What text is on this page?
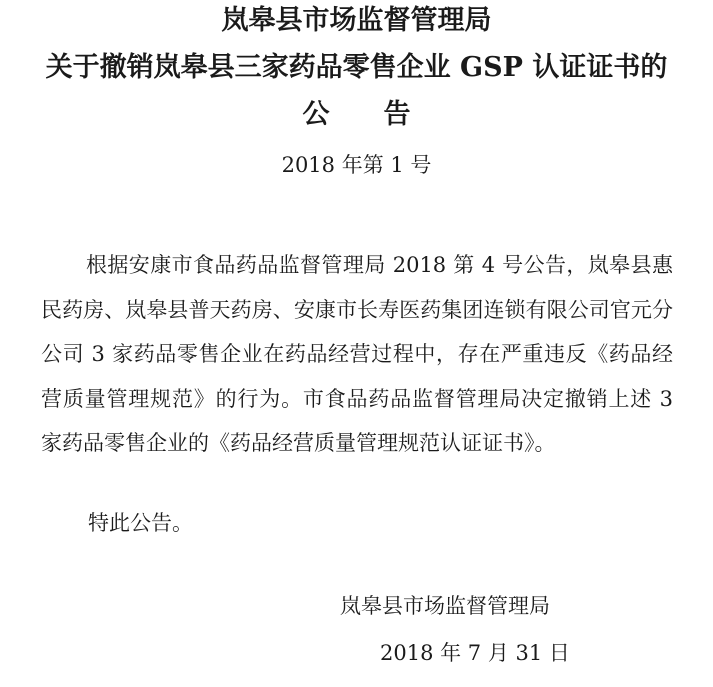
岚皋县市场监督管理局
关于撤销岚皋县三家药品零售企业 GSP 认证证书的
公告
2018 年第 1 号

根据安康市食品药品监督管理局 2018 第 4 号公告，岚皋县惠民药房、岚皋县普天药房、安康市长寿医药集团连锁有限公司官元分公司 3 家药品零售企业在药品经营过程中，存在严重违反《药品经营质量管理规范》的行为。市食品药品监督管理局决定撤销上述 3 家药品零售企业的《药品经营质量管理规范认证证书》。

特此公告。
岚皋县市场监督管理局
2018 年 7 月 31 日
